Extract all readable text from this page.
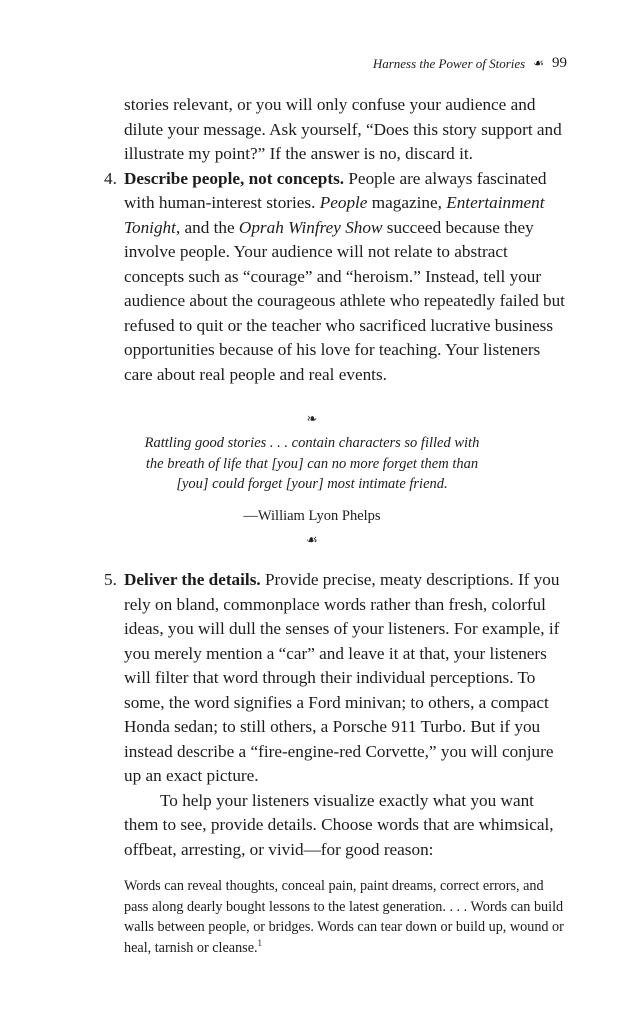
Harness the Power of Stories ☙ 99

stories relevant, or you will only confuse your audience and dilute your message. Ask yourself, “Does this story support and illustrate my point?” If the answer is no, discard it.

4. Describe people, not concepts. People are always fascinated with human-interest stories. People magazine, Entertainment Tonight, and the Oprah Winfrey Show succeed because they involve people. Your audience will not relate to abstract concepts such as “courage” and “heroism.” Instead, tell your audience about the courageous athlete who repeatedly failed but refused to quit or the teacher who sacrificed lucrative business opportunities because of his love for teaching. Your listeners care about real people and real events.

❧

Rattling good stories . . . contain characters so filled with

the breath of life that [you] can no more forget them than

[you] could forget [your] most intimate friend.

—William Lyon Phelps

☙

5. Deliver the details. Provide precise, meaty descriptions. If you rely on bland, commonplace words rather than fresh, colorful ideas, you will dull the senses of your listeners. For example, if you merely mention a “car” and leave it at that, your listeners will filter that word through their individual perceptions. To some, the word signifies a Ford minivan; to others, a compact Honda sedan; to still others, a Porsche 911 Turbo. But if you instead describe a “fire-engine-red Corvette,” you will conjure up an exact picture.

To help your listeners visualize exactly what you want them to see, provide details. Choose words that are whimsical, offbeat, arresting, or vivid—for good reason:

Words can reveal thoughts, conceal pain, paint dreams, correct errors, and pass along dearly bought lessons to the latest generation. . . . Words can build walls between people, or bridges. Words can tear down or build up, wound or heal, tarnish or cleanse.$^1$
